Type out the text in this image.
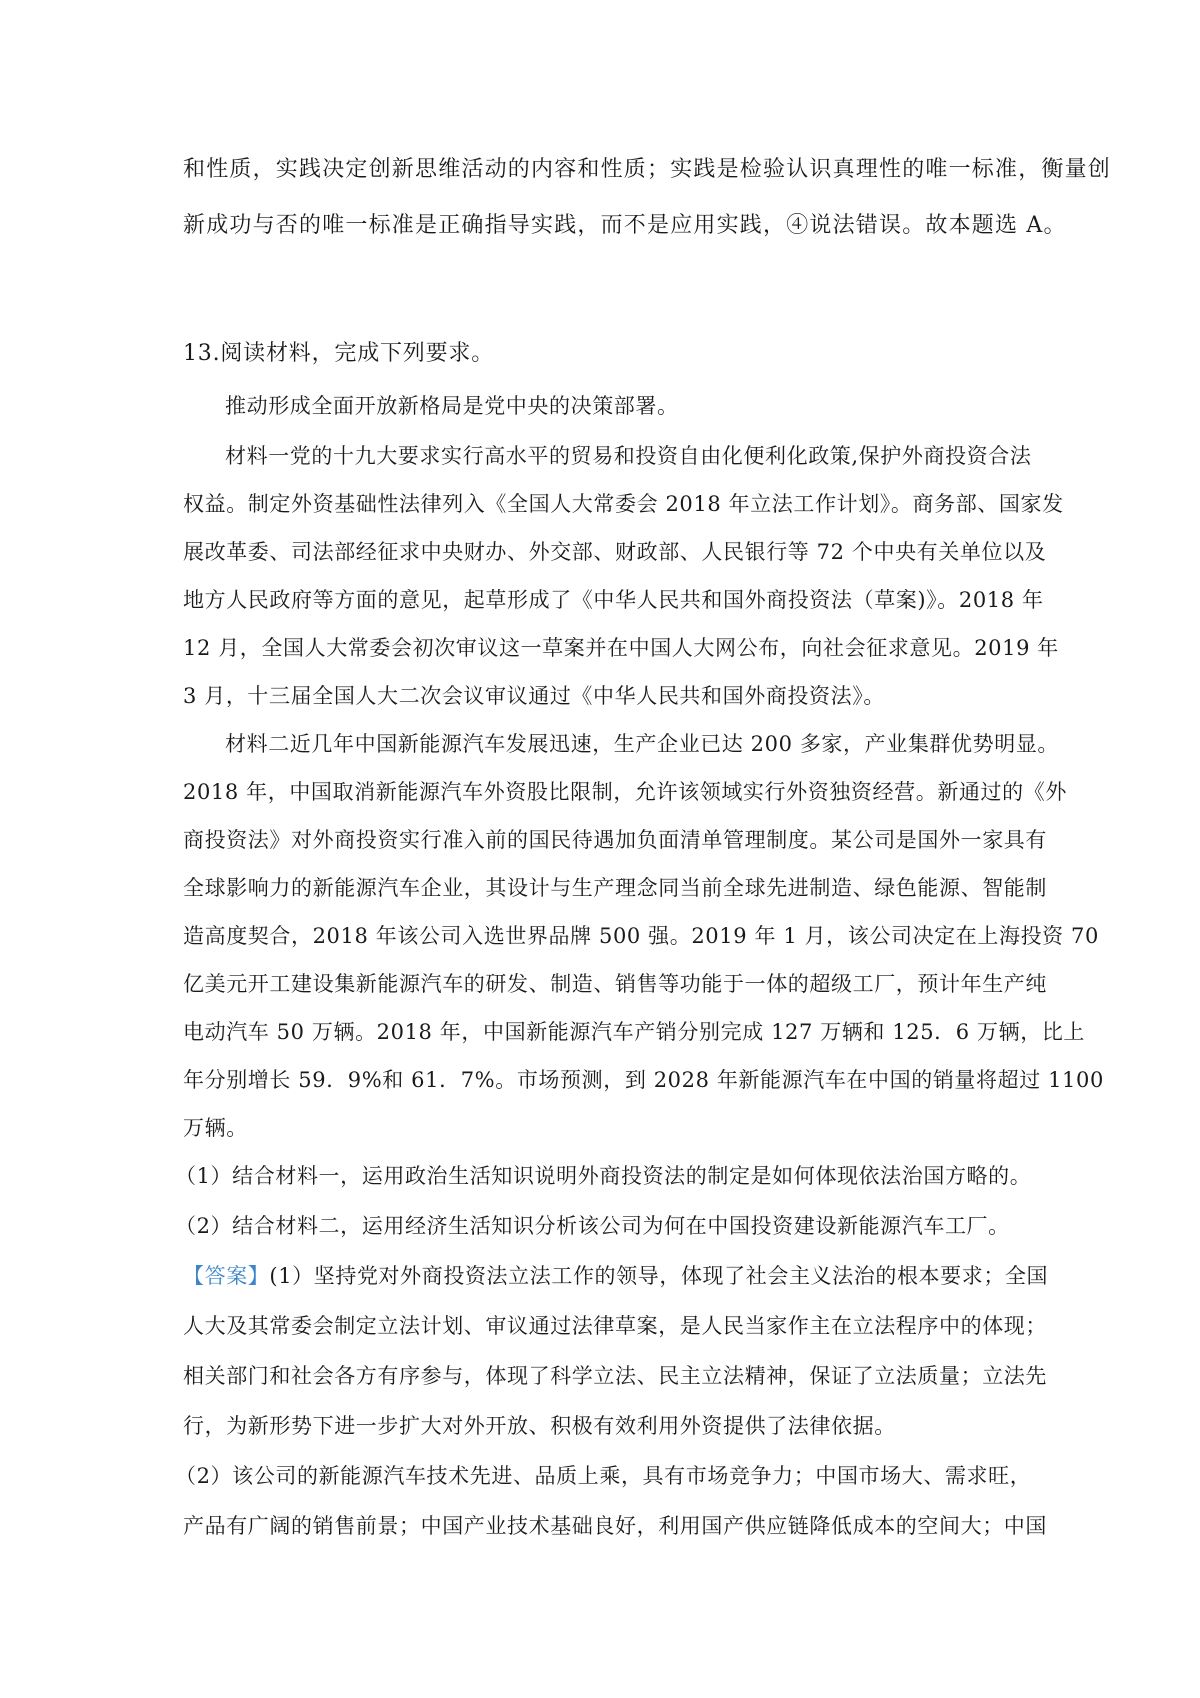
和性质，实践决定创新思维活动的内容和性质；实践是检验认识真理性的唯一标准，衡量创
新成功与否的唯一标准是正确指导实践，而不是应用实践，④说法错误。故本题选 A。
13.阅读材料，完成下列要求。
推动形成全面开放新格局是党中央的决策部署。
材料一党的十九大要求实行高水平的贸易和投资自由化便利化政策,保护外商投资合法
权益。制定外资基础性法律列入《全国人大常委会 2018 年立法工作计划》。商务部、国家发
展改革委、司法部经征求中央财办、外交部、财政部、人民银行等 72 个中央有关单位以及
地方人民政府等方面的意见，起草形成了《中华人民共和国外商投资法（草案)》。2018 年
12 月，全国人大常委会初次审议这一草案并在中国人大网公布，向社会征求意见。2019 年
3 月，十三届全国人大二次会议审议通过《中华人民共和国外商投资法》。
材料二近几年中国新能源汽车发展迅速，生产企业已达 200 多家，产业集群优势明显。
2018 年，中国取消新能源汽车外资股比限制，允许该领域实行外资独资经营。新通过的《外
商投资法》对外商投资实行准入前的国民待遇加负面清单管理制度。某公司是国外一家具有
全球影响力的新能源汽车企业，其设计与生产理念同当前全球先进制造、绿色能源、智能制
造高度契合，2018 年该公司入选世界品牌 500 强。2019 年 1 月，该公司决定在上海投资 70
亿美元开工建设集新能源汽车的研发、制造、销售等功能于一体的超级工厂，预计年生产纯
电动汽车 50 万辆。2018 年，中国新能源汽车产销分别完成 127 万辆和 125．6 万辆，比上
年分别增长 59．9%和 61．7%。市场预测，到 2028 年新能源汽车在中国的销量将超过 1100
万辆。
（1）结合材料一，运用政治生活知识说明外商投资法的制定是如何体现依法治国方略的。
（2）结合材料二，运用经济生活知识分析该公司为何在中国投资建设新能源汽车工厂。
【答案】(1）坚持党对外商投资法立法工作的领导，体现了社会主义法治的根本要求；全国
人大及其常委会制定立法计划、审议通过法律草案，是人民当家作主在立法程序中的体现；
相关部门和社会各方有序参与，体现了科学立法、民主立法精神，保证了立法质量；立法先
行，为新形势下进一步扩大对外开放、积极有效利用外资提供了法律依据。
（2）该公司的新能源汽车技术先进、品质上乘，具有市场竞争力；中国市场大、需求旺，
产品有广阔的销售前景；中国产业技术基础良好，利用国产供应链降低成本的空间大；中国
